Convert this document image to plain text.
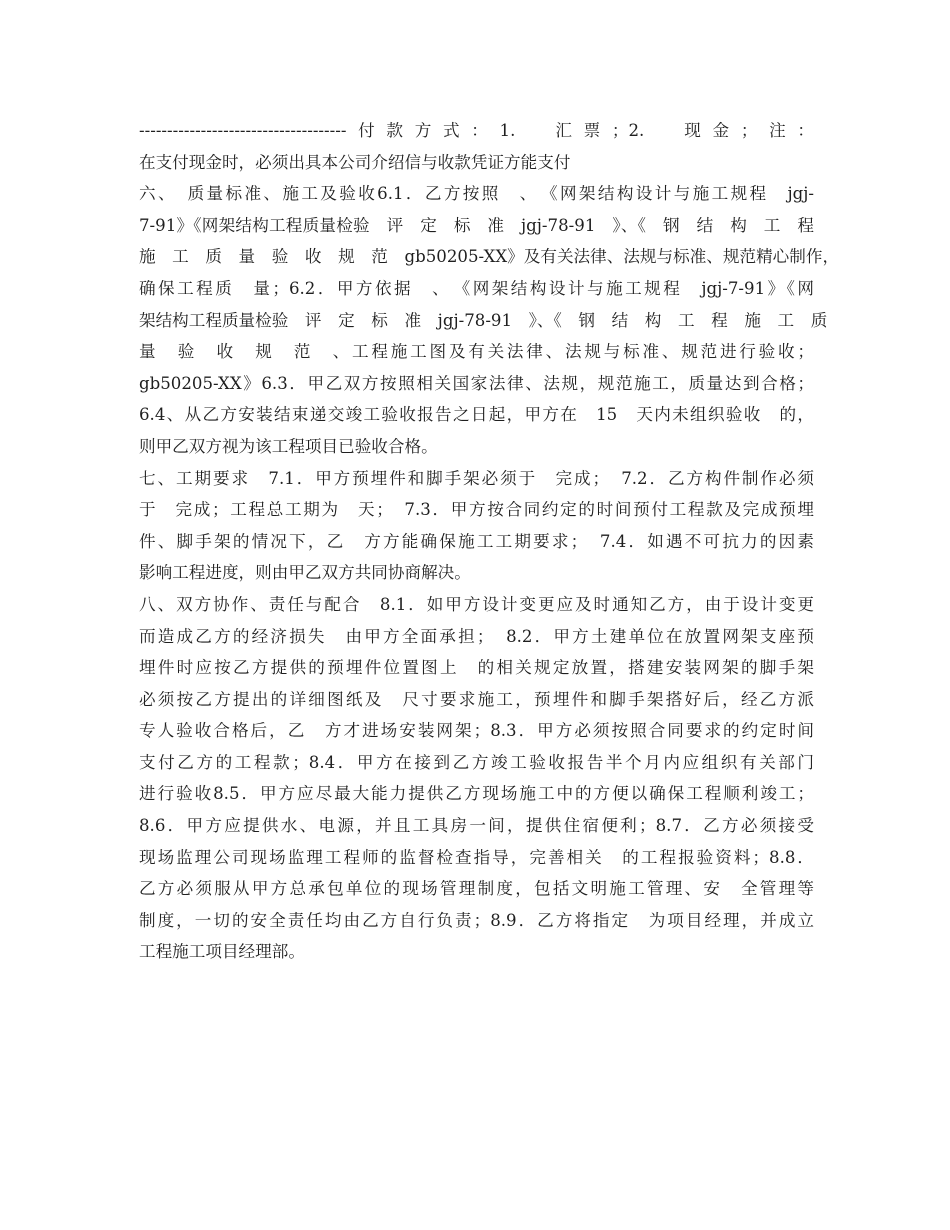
-------------------------------------付款方式：1.　汇票；2.　现金；注：

在支付现金时，必须出具本公司介绍信与收款凭证方能支付

六、　质量标准、施工及验收6.1．乙方按照　、　《网架结构设计与施工规程　jgj-

7-91》《网架结构工程质量检验　评　定　标　准　jgj-78-91　》、《　钢　结　构　工　程

施　工　质　量　验　收　规　范　gb50205-XX》及有关法律、法规与标准、规范精心制作，

确保工程质　量；6.2．甲方依据　、　《网架结构设计与施工规程　jgj-7-91》《网

架结构工程质量检验　评　定　标　准　jgj-78-91　》、《　钢　结　构　工　程　施　工　质

量　验　收　规　范　、工程施工图及有关法律、法规与标准、规范进行验收；

gb50205-XX》6.3．甲乙双方按照相关国家法律、法规，规范施工，质量达到合格；

6.4、从乙方安装结束递交竣工验收报告之日起，甲方在　15　天内未组织验收　的，

则甲乙双方视为该工程项目已验收合格。

七、工期要求　7.1．甲方预埋件和脚手架必须于　完成；　7.2．乙方构件制作必须

于　完成；工程总工期为　天；　7.3．甲方按合同约定的时间预付工程款及完成预埋

件、脚手架的情况下，乙　方方能确保施工工期要求；　7.4．如遇不可抗力的因素

影响工程进度，则由甲乙双方共同协商解决。

八、双方协作、责任与配合　8.1．如甲方设计变更应及时通知乙方，由于设计变更

而造成乙方的经济损失　由甲方全面承担；　8.2．甲方土建单位在放置网架支座预

埋件时应按乙方提供的预埋件位置图上　的相关规定放置，搭建安装网架的脚手架

必须按乙方提出的详细图纸及　尺寸要求施工，预埋件和脚手架搭好后，经乙方派

专人验收合格后，乙　方才进场安装网架；8.3．甲方必须按照合同要求的约定时间

支付乙方的工程款；8.4．甲方在接到乙方竣工验收报告半个月内应组织有关部门

进行验收8.5．甲方应尽最大能力提供乙方现场施工中的方便以确保工程顺利竣工；

8.6．甲方应提供水、电源，并且工具房一间，提供住宿便利；8.7．乙方必须接受

现场监理公司现场监理工程师的监督检查指导，完善相关　的工程报验资料；8.8．

乙方必须服从甲方总承包单位的现场管理制度，包括文明施工管理、安　全管理等

制度，一切的安全责任均由乙方自行负责；8.9．乙方将指定　为项目经理，并成立

工程施工项目经理部。
